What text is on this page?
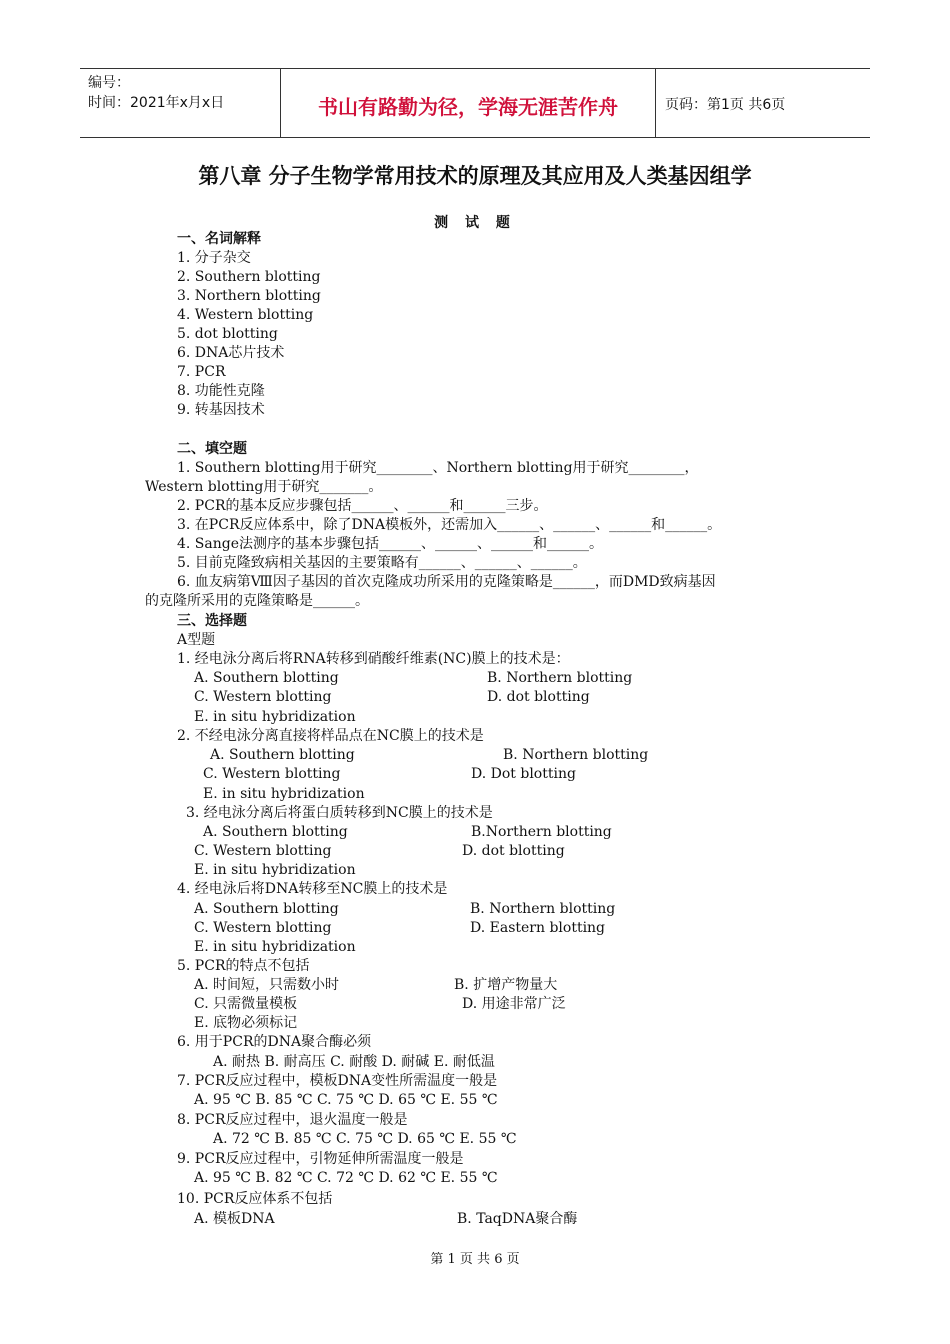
编号：
时间：2021年x月x日	书山有路勤为径，学海无涯苦作舟	页码：第1页 共6页
第八章 分子生物学常用技术的原理及其应用及人类基因组学
测 试 题
一、名词解释
1. 分子杂交
2. Southern blotting
3. Northern blotting
4. Western blotting
5. dot blotting
6. DNA芯片技术
7. PCR
8. 功能性克隆
9. 转基因技术
二、填空题
1. Southern blotting用于研究________、Northern blotting用于研究________，
Western blotting用于研究_______。
2. PCR的基本反应步骤包括______、______和______三步。
3. 在PCR反应体系中，除了DNA模板外，还需加入______、______、______和______。
4. Sange法测序的基本步骤包括______、______、______和______。
5. 目前克隆致病相关基因的主要策略有______、______、______。
6. 血友病第Ⅷ因子基因的首次克隆成功所采用的克隆策略是______，而DMD致病基因
的克隆所采用的克隆策略是______。
三、选择题
A型题
1. 经电泳分离后将RNA转移到硝酸纤维素(NC)膜上的技术是：
A. Southern blotting	B. Northern blotting
C. Western blotting	D. dot blotting
E. in situ hybridization
2. 不经电泳分离直接将样品点在NC膜上的技术是
A. Southern blotting	B. Northern blotting
C. Western blotting	D. Dot blotting
E. in situ hybridization
3. 经电泳分离后将蛋白质转移到NC膜上的技术是
A. Southern blotting	B.Northern blotting
C. Western blotting	D. dot blotting
E. in situ hybridization
4. 经电泳后将DNA转移至NC膜上的技术是
A. Southern blotting	B. Northern blotting
C. Western blotting	D. Eastern blotting
E. in situ hybridization
5. PCR的特点不包括
A. 时间短，只需数小时	B. 扩增产物量大
C. 只需微量模板	D. 用途非常广泛
E. 底物必须标记
6. 用于PCR的DNA聚合酶必须
A. 耐热 B. 耐高压 C. 耐酸 D. 耐碱 E. 耐低温
7. PCR反应过程中，模板DNA变性所需温度一般是
A. 95 ℃ B. 85 ℃ C. 75 ℃ D. 65 ℃ E. 55 ℃
8. PCR反应过程中，退火温度一般是
A. 72 ℃ B. 85 ℃ C. 75 ℃ D. 65 ℃ E. 55 ℃
9. PCR反应过程中，引物延伸所需温度一般是
A. 95 ℃ B. 82 ℃ C. 72 ℃ D. 62 ℃ E. 55 ℃
10. PCR反应体系不包括
A. 模板DNA	B. TaqDNA聚合酶
第 1 页 共 6 页
